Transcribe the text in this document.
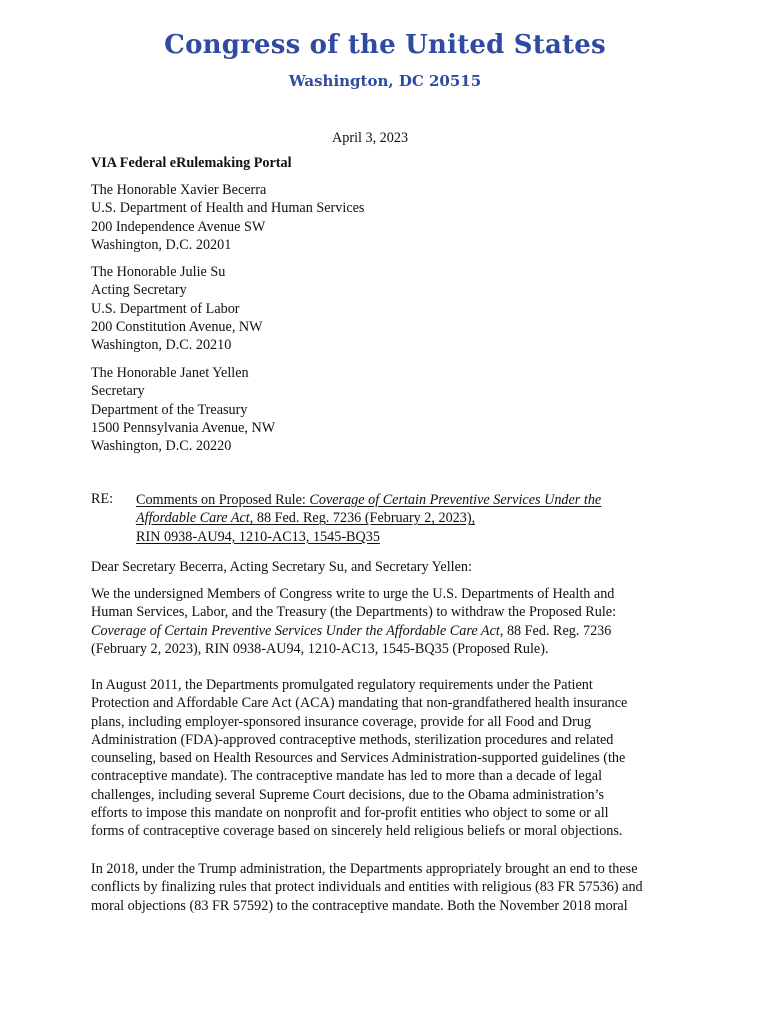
Congress of the United States
Washington, DC 20515
April 3, 2023
VIA Federal eRulemaking Portal
The Honorable Xavier Becerra
U.S. Department of Health and Human Services
200 Independence Avenue SW
Washington, D.C. 20201
The Honorable Julie Su
Acting Secretary
U.S. Department of Labor
200 Constitution Avenue, NW
Washington, D.C. 20210
The Honorable Janet Yellen
Secretary
Department of the Treasury
1500 Pennsylvania Avenue, NW
Washington, D.C. 20220
RE: Comments on Proposed Rule: Coverage of Certain Preventive Services Under the
Affordable Care Act, 88 Fed. Reg. 7236 (February 2, 2023),
RIN 0938-AU94, 1210-AC13, 1545-BQ35
Dear Secretary Becerra, Acting Secretary Su, and Secretary Yellen:
We the undersigned Members of Congress write to urge the U.S. Departments of Health and
Human Services, Labor, and the Treasury (the Departments) to withdraw the Proposed Rule:
Coverage of Certain Preventive Services Under the Affordable Care Act, 88 Fed. Reg. 7236
(February 2, 2023), RIN 0938-AU94, 1210-AC13, 1545-BQ35 (Proposed Rule).
In August 2011, the Departments promulgated regulatory requirements under the Patient
Protection and Affordable Care Act (ACA) mandating that non-grandfathered health insurance
plans, including employer-sponsored insurance coverage, provide for all Food and Drug
Administration (FDA)-approved contraceptive methods, sterilization procedures and related
counseling, based on Health Resources and Services Administration-supported guidelines (the
contraceptive mandate). The contraceptive mandate has led to more than a decade of legal
challenges, including several Supreme Court decisions, due to the Obama administration’s
efforts to impose this mandate on nonprofit and for-profit entities who object to some or all
forms of contraceptive coverage based on sincerely held religious beliefs or moral objections.
In 2018, under the Trump administration, the Departments appropriately brought an end to these
conflicts by finalizing rules that protect individuals and entities with religious (83 FR 57536) and
moral objections (83 FR 57592) to the contraceptive mandate. Both the November 2018 moral
